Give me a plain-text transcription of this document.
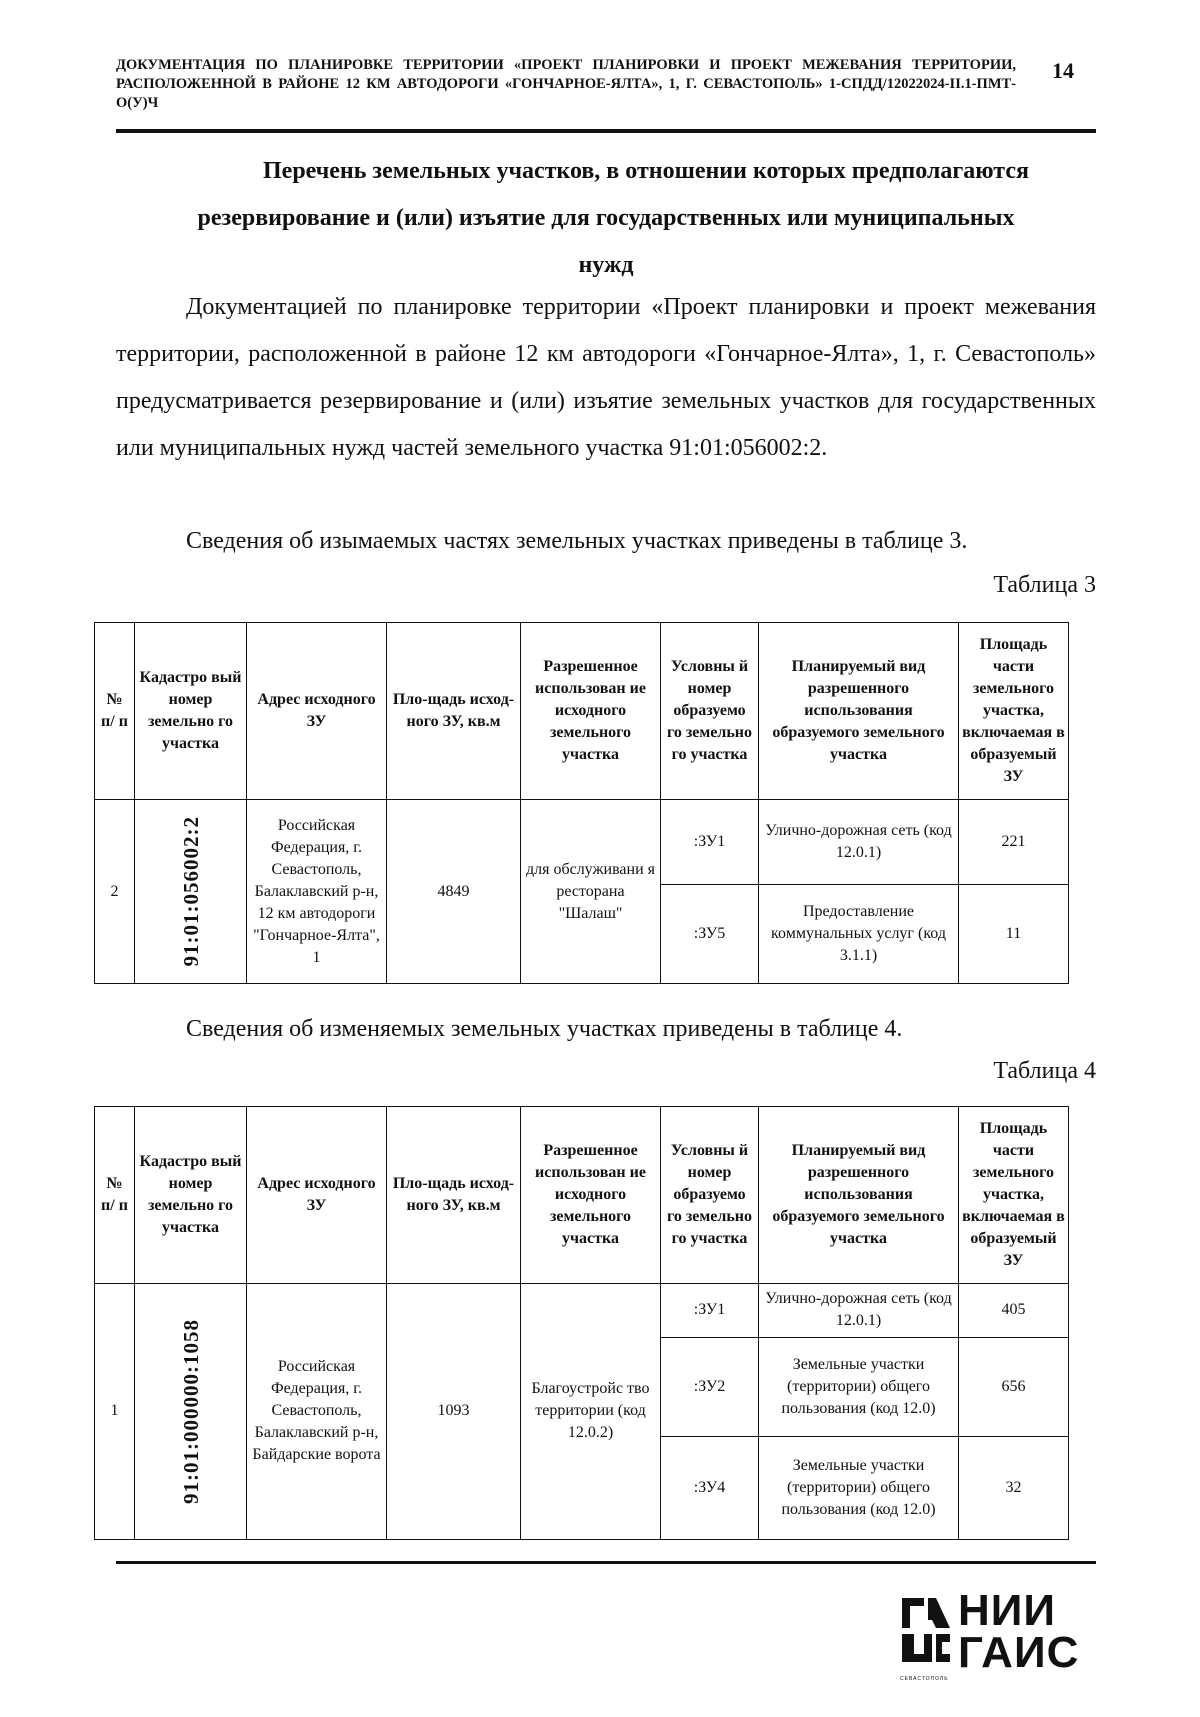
ДОКУМЕНТАЦИЯ ПО ПЛАНИРОВКЕ ТЕРРИТОРИИ «ПРОЕКТ ПЛАНИРОВКИ И ПРОЕКТ МЕЖЕВАНИЯ ТЕРРИТОРИИ, РАСПОЛОЖЕННОЙ В РАЙОНЕ 12 КМ АВТОДОРОГИ «ГОНЧАРНОЕ-ЯЛТА», 1, Г. СЕВАСТОПОЛЬ» 1-СПДД/12022024-II.1-ПМТ-О(У)Ч
14
Перечень земельных участков, в отношении которых предполагаются
резервирование и (или) изъятие для государственных или муниципальных
нужд
Документацией по планировке территории «Проект планировки и проект межевания территории, расположенной в районе 12 км автодороги «Гончарное-Ялта», 1, г. Севастополь» предусматривается резервирование и (или) изъятие земельных участков для государственных или муниципальных нужд частей земельного участка 91:01:056002:2.
Сведения об изымаемых частях земельных участках приведены в таблице 3.
Таблица 3
№ п/ п	Кадастро вый номер земельно го участка	Адрес исходного ЗУ	Пло-щадь исход-ного ЗУ, кв.м	Разрешенное использован ие исходного земельного участка	Условны й номер образуемо го земельно го участка	Планируемый вид разрешенного использования образуемого земельного участка	Площадь части земельного участка, включаемая в образуемый ЗУ
2	91:01:056002:2	Российская Федерация, г. Севастополь, Балаклавский р-н, 12 км автодороги "Гончарное-Ялта", 1	4849	для обслуживани я ресторана "Шалаш"	:ЗУ1	Улично-дорожная сеть (код 12.0.1)	221
					:ЗУ5	Предоставление коммунальных услуг (код 3.1.1)	11
Сведения об изменяемых земельных участках приведены в таблице 4.
Таблица 4
№ п/ п	Кадастро вый номер земельно го участка	Адрес исходного ЗУ	Пло-щадь исход-ного ЗУ, кв.м	Разрешенное использован ие исходного земельного участка	Условны й номер образуемо го земельно го участка	Планируемый вид разрешенного использования образуемого земельного участка	Площадь части земельного участка, включаемая в образуемый ЗУ
1	91:01:000000:1058	Российская Федерация, г. Севастополь, Балаклавский р-н, Байдарские ворота	1093	Благоустройс тво территории (код 12.0.2)	:ЗУ1	Улично-дорожная сеть (код 12.0.1)	405
					:ЗУ2	Земельные участки (территории) общего пользования (код 12.0)	656
					:ЗУ4	Земельные участки (территории) общего пользования (код 12.0)	32
НИИ
ГАИС
СЕВАСТОПОЛЬ
